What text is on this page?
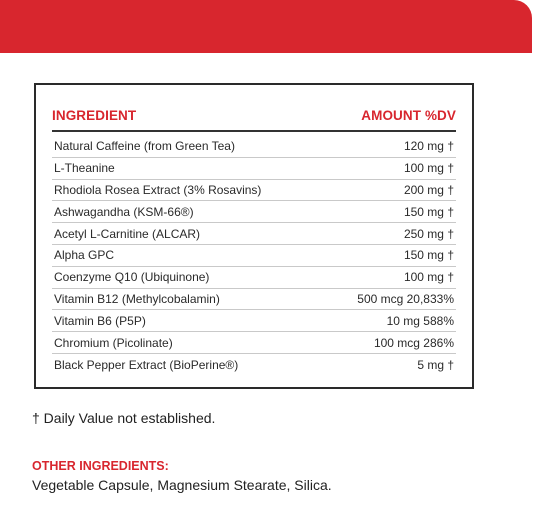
INGREDIENT	AMOUNT %DV
Natural Caffeine (from Green Tea)	120 mg †
L-Theanine	100 mg †
Rhodiola Rosea Extract (3% Rosavins)	200 mg †
Ashwagandha (KSM-66®)	150 mg †
Acetyl L-Carnitine (ALCAR)	250 mg †
Alpha GPC	150 mg †
Coenzyme Q10 (Ubiquinone)	100 mg †
Vitamin B12 (Methylcobalamin)	500 mcg 20,833%
Vitamin B6 (P5P)	10 mg 588%
Chromium (Picolinate)	100 mcg 286%
Black Pepper Extract (BioPerine®)	5 mg †
† Daily Value not established.
OTHER INGREDIENTS:
Vegetable Capsule, Magnesium Stearate, Silica.
